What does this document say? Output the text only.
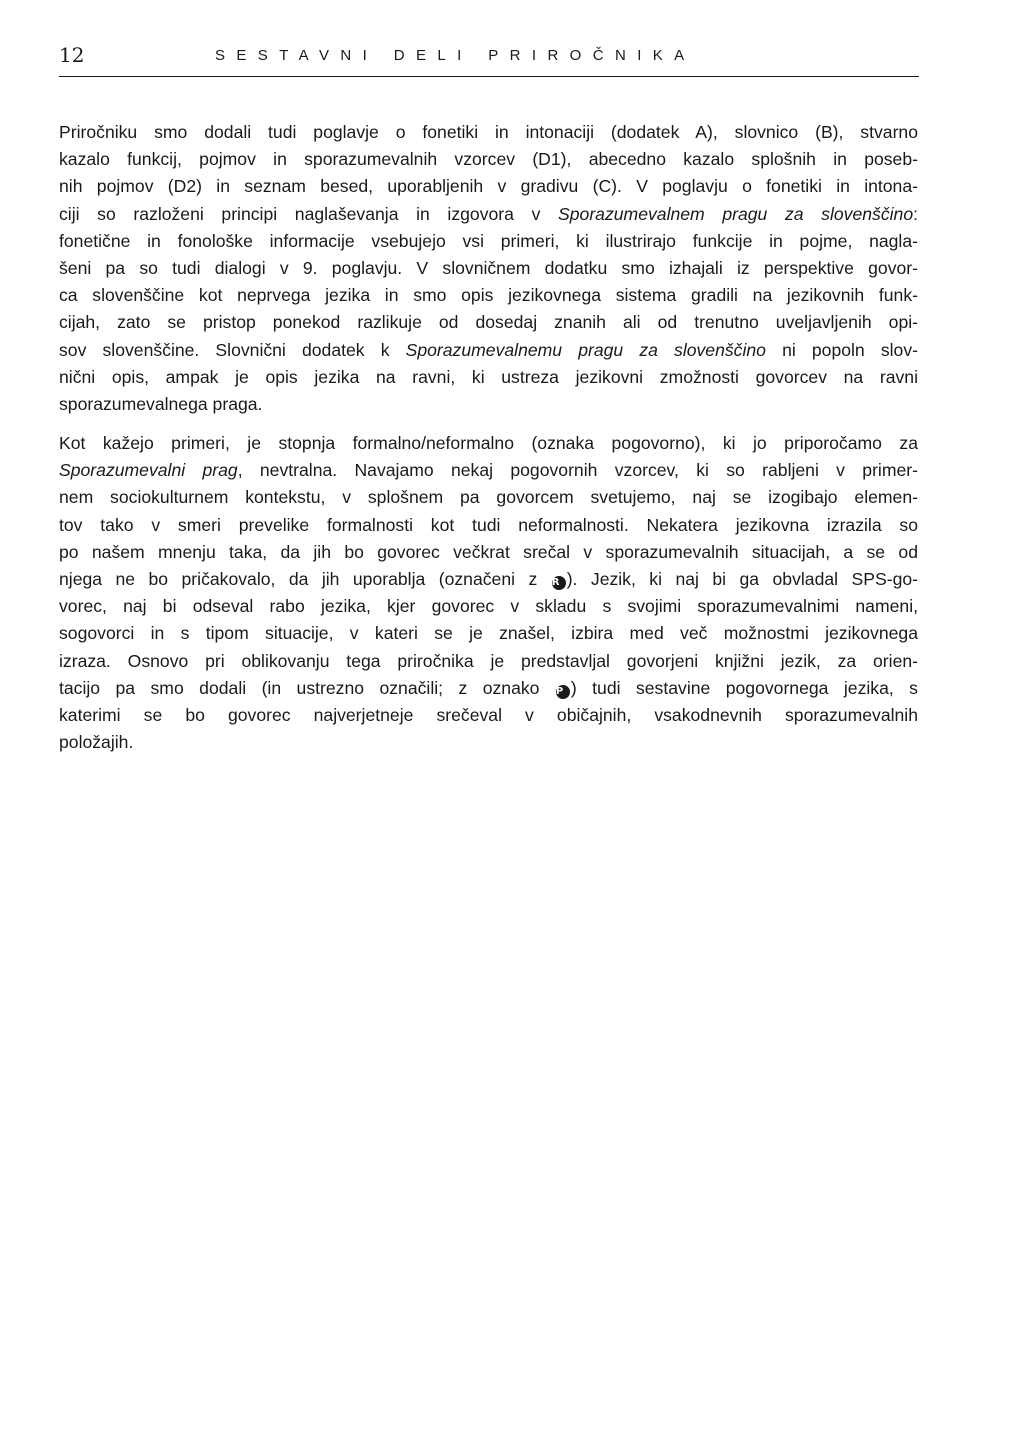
12	SESTAVNI DELI PRIROČNIKA
Priročniku smo dodali tudi poglavje o fonetiki in intonaciji (dodatek A), slovnico (B), stvarno
kazalo funkcij, pojmov in sporazumevalnih vzorcev (D1), abecedno kazalo splošnih in poseb-
nih pojmov (D2) in seznam besed, uporabljenih v gradivu (C). V poglavju o fonetiki in intona-
ciji so razloženi principi naglaševanja in izgovora v Sporazumevalnem pragu za slovenščino:
fonetične in fonološke informacije vsebujejo vsi primeri, ki ilustrirajo funkcije in pojme, nagla-
šeni pa so tudi dialogi v 9. poglavju. V slovničnem dodatku smo izhajali iz perspektive govor-
ca slovenščine kot neprvega jezika in smo opis jezikovnega sistema gradili na jezikovnih funk-
cijah, zato se pristop ponekod razlikuje od dosedaj znanih ali od trenutno uveljavljenih opi-
sov slovenščine. Slovnični dodatek k Sporazumevalnemu pragu za slovenščino ni popoln slov-
nični opis, ampak je opis jezika na ravni, ki ustreza jezikovni zmožnosti govorcev na ravni
sporazumevalnega praga.
Kot kažejo primeri, je stopnja formalno/neformalno (oznaka pogovorno), ki jo priporočamo za
Sporazumevalni prag, nevtralna. Navajamo nekaj pogovornih vzorcev, ki so rabljeni v primer-
nem sociokulturnem kontekstu, v splošnem pa govorcem svetujemo, naj se izogibajo elemen-
tov tako v smeri prevelike formalnosti kot tudi neformalnosti. Nekatera jezikovna izrazila so
po našem mnenju taka, da jih bo govorec večkrat srečal v sporazumevalnih situacijah, a se od
njega ne bo pričakovalo, da jih uporablja (označeni z R ). Jezik, ki naj bi ga obvladal SPS-go-
vorec, naj bi odseval rabo jezika, kjer govorec v skladu s svojimi sporazumevalnimi nameni,
sogovorci in s tipom situacije, v kateri se je znašel, izbira med več možnostmi jezikovnega
izraza. Osnovo pri oblikovanju tega priročnika je predstavljal govorjeni knjižni jezik, za orien-
tacijo pa smo dodali (in ustrezno označili; z oznako P ) tudi sestavine pogovornega jezika, s
katerimi se bo govorec najverjetneje srečeval v običajnih, vsakodnevnih sporazumevalnih
položajih.
